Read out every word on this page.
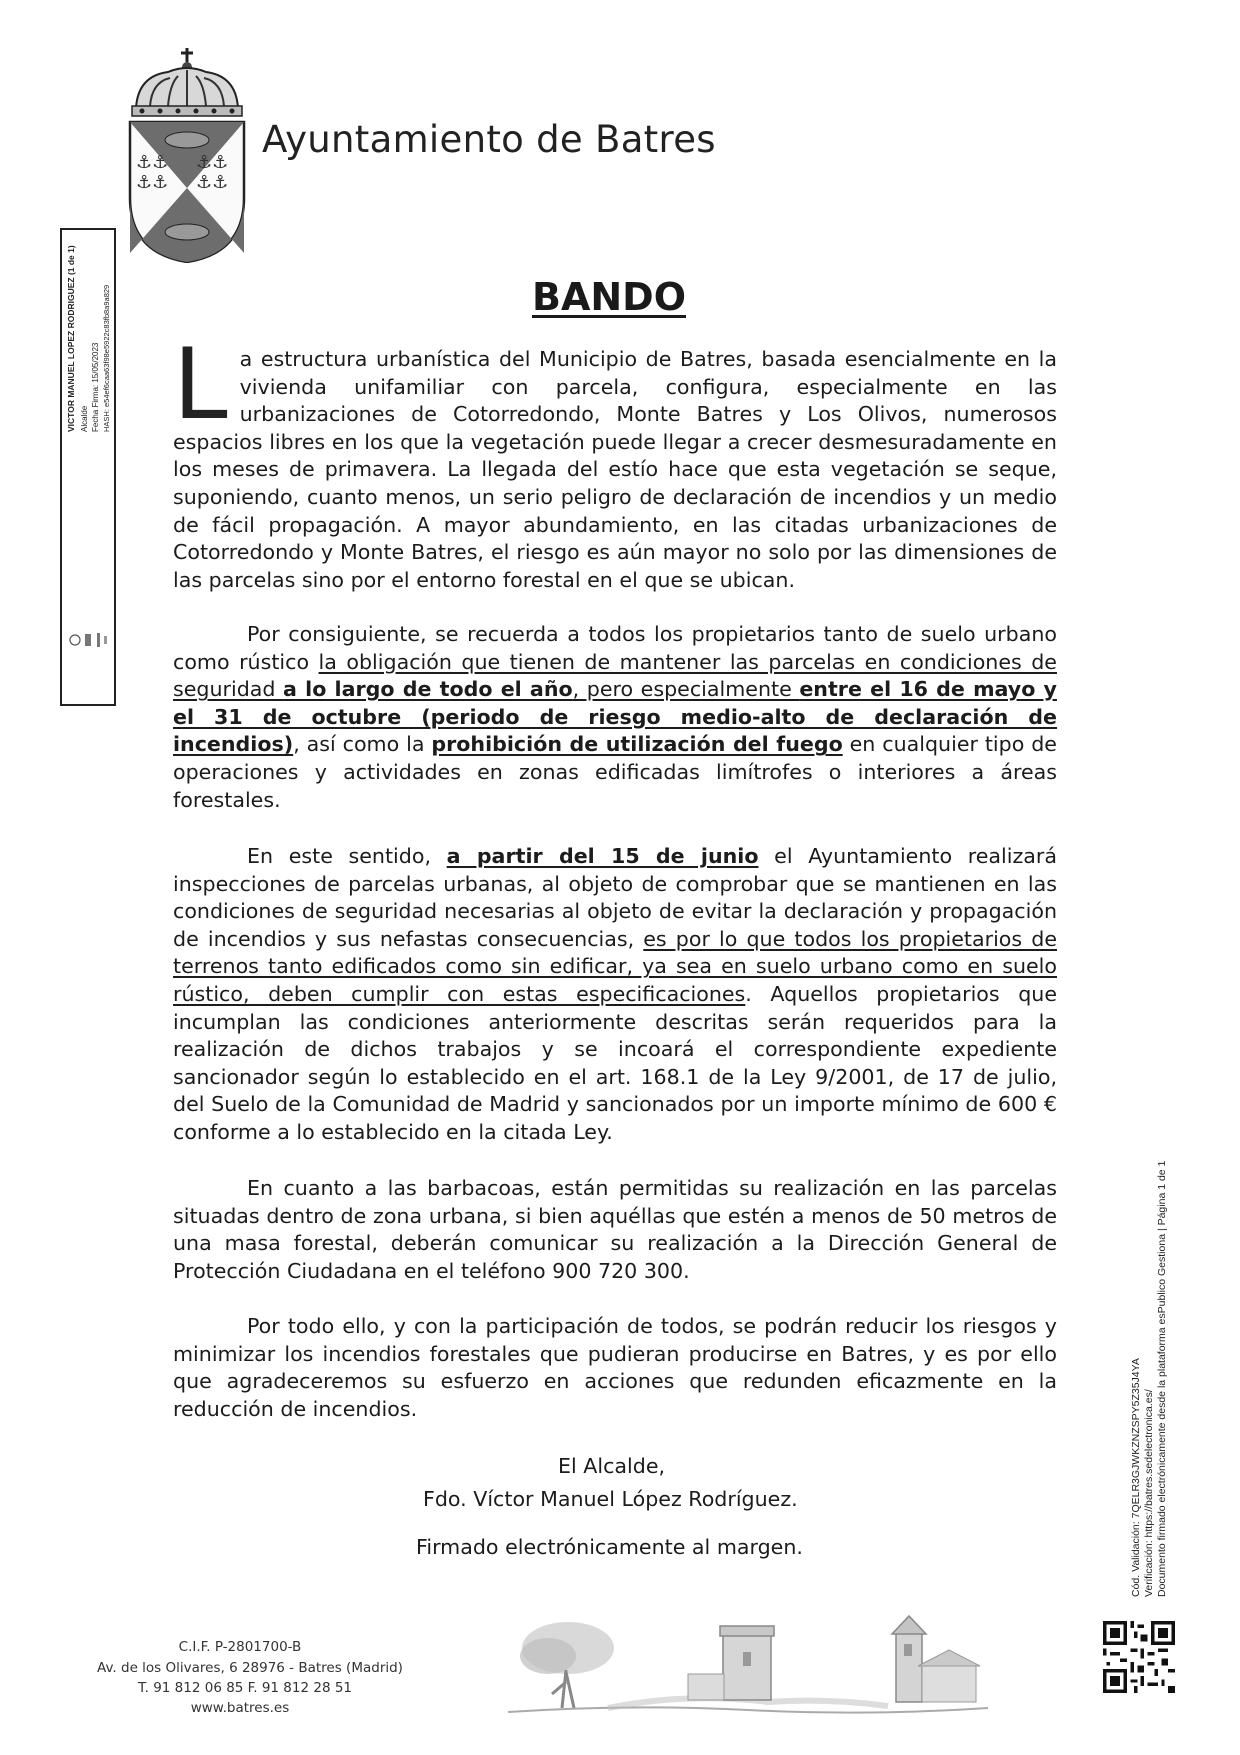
⚓⚓
⚓⚓
⚓⚓
⚓⚓
Ayuntamiento de Batres
VICTOR MANUEL LOPEZ RODRIGUEZ (1 de 1) Alcalde Fecha Firma: 15/05/2023 HASH: e54ef6caa63f98e5922c83fb8a9a829	BANDO
L a estructura urbanística del Municipio de Batres, basada esencialmente en la vivienda unifamiliar con parcela, configura, especialmente en las urbanizaciones de Cotorredondo, Monte Batres y Los Olivos, numerosos espacios libres en los que la vegetación puede llegar a crecer desmesuradamente en los meses de primavera. La llegada del estío hace que esta vegetación se seque, suponiendo, cuanto menos, un serio peligro de declaración de incendios y un medio de fácil propagación. A mayor abundamiento, en las citadas urbanizaciones de Cotorredondo y Monte Batres, el riesgo es aún mayor no solo por las dimensiones de las parcelas sino por el entorno forestal en el que se ubican.

Por consiguiente, se recuerda a todos los propietarios tanto de suelo urbano como rústico la obligación que tienen de mantener las parcelas en condiciones de seguridad a lo largo de todo el año, pero especialmente entre el 16 de mayo y el 31 de octubre (periodo de riesgo medio-alto de declaración de incendios), así como la prohibición de utilización del fuego en cualquier tipo de operaciones y actividades en zonas edificadas limítrofes o interiores a áreas forestales.

En este sentido, a partir del 15 de junio el Ayuntamiento realizará inspecciones de parcelas urbanas, al objeto de comprobar que se mantienen en las condiciones de seguridad necesarias al objeto de evitar la declaración y propagación de incendios y sus nefastas consecuencias, es por lo que todos los propietarios de terrenos tanto edificados como sin edificar, ya sea en suelo urbano como en suelo rústico, deben cumplir con estas especificaciones. Aquellos propietarios que incumplan las condiciones anteriormente descritas serán requeridos para la realización de dichos trabajos y se incoará el correspondiente expediente sancionador según lo establecido en el art. 168.1 de la Ley 9/2001, de 17 de julio, del Suelo de la Comunidad de Madrid y sancionados por un importe mínimo de 600 € conforme a lo establecido en la citada Ley.

En cuanto a las barbacoas, están permitidas su realización en las parcelas situadas dentro de zona urbana, si bien aquéllas que estén a menos de 50 metros de una masa forestal, deberán comunicar su realización a la Dirección General de Protección Ciudadana en el teléfono 900 720 300.

Por todo ello, y con la participación de todos, se podrán reducir los riesgos y minimizar los incendios forestales que pudieran producirse en Batres, y es por ello que agradeceremos su esfuerzo en acciones que redunden eficazmente en la reducción de incendios.

El Alcalde,
Fdo. Víctor Manuel López Rodríguez.
Firmado electrónicamente al margen.	Cód. Validación: 7QELR3GJWKZNZSPY5Z35J4YA Verificación: https://batres.sedelectronica.es/ Documento firmado electrónicamente desde la plataforma esPublico Gestiona | Página 1 de 1
C.I.F. P-2801700-B
Av. de los Olivares, 6 28976 - Batres (Madrid)
T. 91 812 06 85 F. 91 812 28 51
www.batres.es
